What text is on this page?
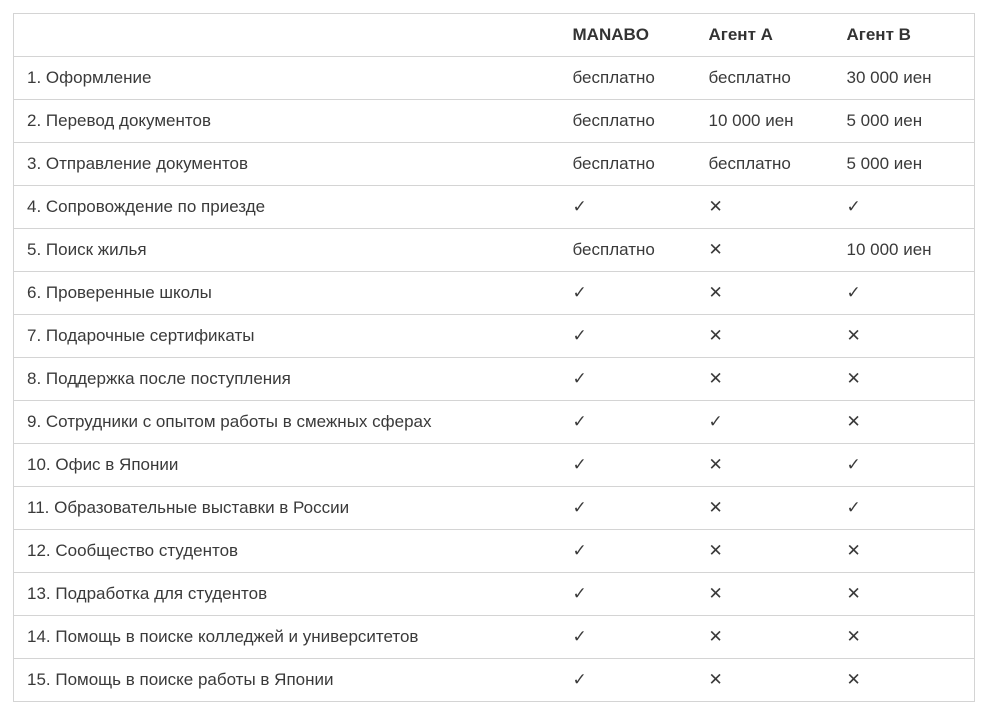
	MANABO	Агент А	Агент В
1. Оформление	бесплатно	бесплатно	30 000 иен
2. Перевод документов	бесплатно	10 000 иен	5 000 иен
3. Отправление документов	бесплатно	бесплатно	5 000 иен
4. Сопровождение по приезде	✓	✕	✓
5. Поиск жилья	бесплатно	✕	10 000 иен
6. Проверенные школы	✓	✕	✓
7. Подарочные сертификаты	✓	✕	✕
8. Поддержка после поступления	✓	✕	✕
9. Сотрудники с опытом работы в смежных сферах	✓	✓	✕
10. Офис в Японии	✓	✕	✓
11. Образовательные выставки в России	✓	✕	✓
12. Сообщество студентов	✓	✕	✕
13. Подработка для студентов	✓	✕	✕
14. Помощь в поиске колледжей и университетов	✓	✕	✕
15. Помощь в поиске работы в Японии	✓	✕	✕
